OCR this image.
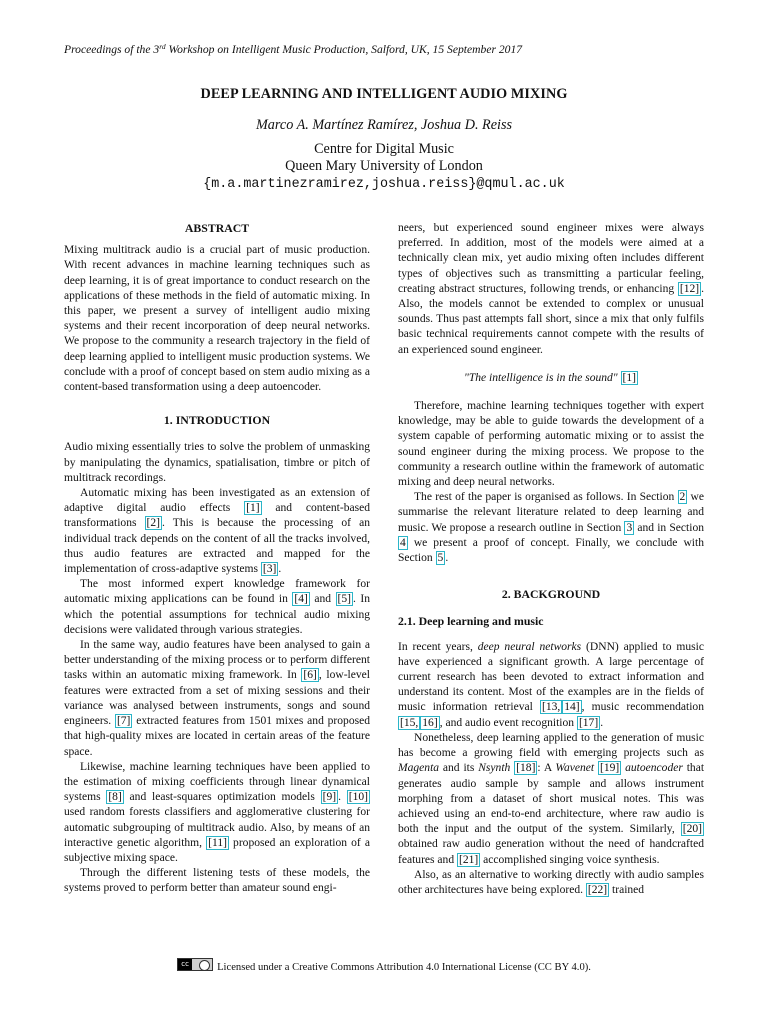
Proceedings of the 3rd Workshop on Intelligent Music Production, Salford, UK, 15 September 2017
DEEP LEARNING AND INTELLIGENT AUDIO MIXING
Marco A. Martínez Ramírez, Joshua D. Reiss
Centre for Digital Music
Queen Mary University of London
{m.a.martinezramirez,joshua.reiss}@qmul.ac.uk

ABSTRACT

Mixing multitrack audio is a crucial part of music production. With recent advances in machine learning techniques such as deep learning, it is of great importance to conduct research on the applications of these methods in the field of automatic mixing. In this paper, we present a survey of intelligent audio mixing systems and their recent incorporation of deep neural networks. We propose to the community a research trajectory in the field of deep learning applied to intelligent music production systems. We conclude with a proof of concept based on stem audio mixing as a content-based transformation using a deep autoencoder.

1. INTRODUCTION

Audio mixing essentially tries to solve the problem of unmasking by manipulating the dynamics, spatialisation, timbre or pitch of multitrack recordings.

Automatic mixing has been investigated as an extension of adaptive digital audio effects [1] and content-based transformations [2] . This is because the processing of an individual track depends on the content of all the tracks involved, thus audio features are extracted and mapped for the implementation of cross-adaptive systems [3] .

The most informed expert knowledge framework for automatic mixing applications can be found in [4] and [5] . In which the potential assumptions for technical audio mixing decisions were validated through various strategies.

In the same way, audio features have been analysed to gain a better understanding of the mixing process or to perform different tasks within an automatic mixing framework. In [6] , low-level features were extracted from a set of mixing sessions and their variance was analysed between instruments, songs and sound engineers. [7] extracted features from 1501 mixes and proposed that high-quality mixes are located in certain areas of the feature space.

Likewise, machine learning techniques have been applied to the estimation of mixing coefficients through linear dynamical systems [8] and least-squares optimization models [9] . [10] used random forests classifiers and agglomerative clustering for automatic subgrouping of multitrack audio. Also, by means of an interactive genetic algorithm, [11] proposed an exploration of a subjective mixing space.

Through the different listening tests of these models, the systems proved to perform better than amateur sound engi-

neers, but experienced sound engineer mixes were always preferred. In addition, most of the models were aimed at a technically clean mix, yet audio mixing often includes different types of objectives such as transmitting a particular feeling, creating abstract structures, following trends, or enhancing [12] . Also, the models cannot be extended to complex or unusual sounds. Thus past attempts fall short, since a mix that only fulfils basic technical requirements cannot compete with the results of an experienced sound engineer.

"The intelligence is in the sound" [1]

Therefore, machine learning techniques together with expert knowledge, may be able to guide towards the development of a system capable of performing automatic mixing or to assist the sound engineer during the mixing process. We propose to the community a research outline within the framework of automatic mixing and deep neural networks.

The rest of the paper is organised as follows. In Section 2 we summarise the relevant literature related to deep learning and music. We propose a research outline in Section 3 and in Section 4 we present a proof of concept. Finally, we conclude with Section 5 .

2. BACKGROUND

2.1. Deep learning and music

In recent years, deep neural networks (DNN) applied to music have experienced a significant growth. A large percentage of current research has been devoted to extract information and understand its content. Most of the examples are in the fields of music information retrieval [13, 14] , music recommendation [15, 16] , and audio event recognition [17] .

Nonetheless, deep learning applied to the generation of music has become a growing field with emerging projects such as Magenta and its Nsynth [18] : A Wavenet [19] autoencoder that generates audio sample by sample and allows instrument morphing from a dataset of short musical notes. This was achieved using an end-to-end architecture, where raw audio is both the input and the output of the system. Similarly, [20] obtained raw audio generation without the need of handcrafted features and [21] accomplished singing voice synthesis.

Also, as an alternative to working directly with audio samples other architectures have being explored. [22] trained

cc	Licensed under a Creative Commons Attribution 4.0 International License (CC BY 4.0).
